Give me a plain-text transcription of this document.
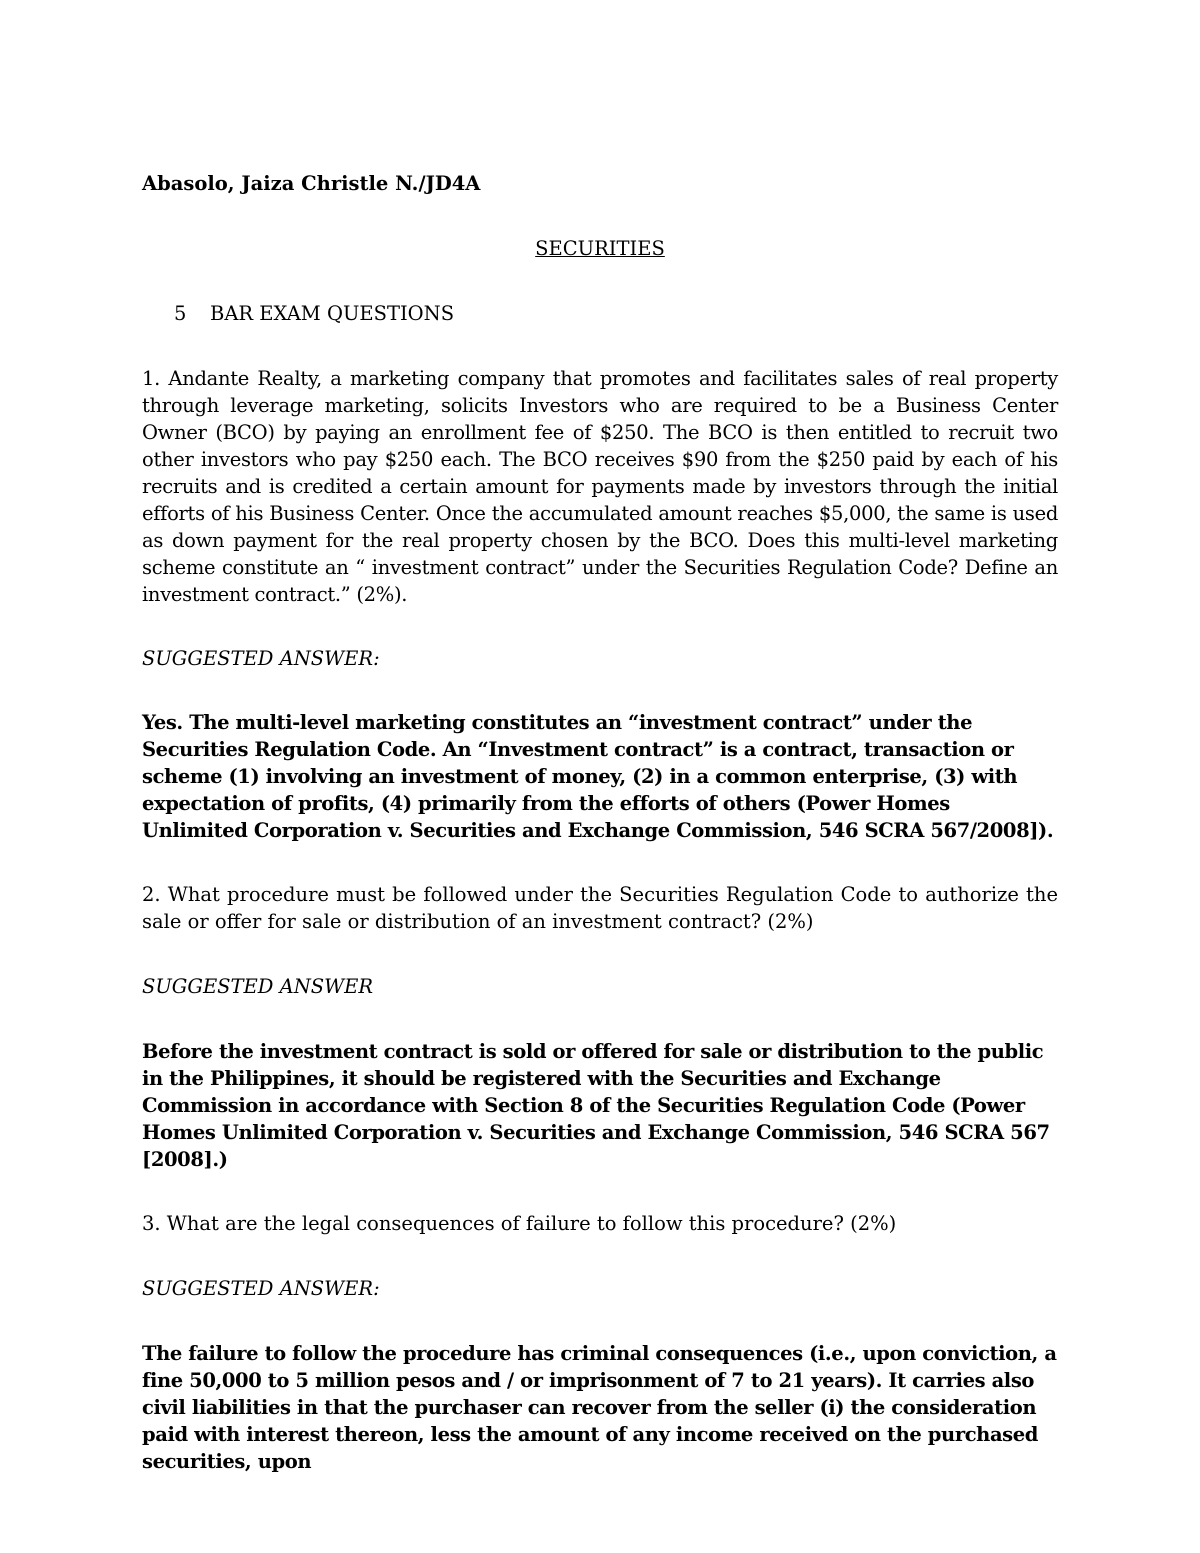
Abasolo, Jaiza Christle N./JD4A

SECURITIES

5 BAR EXAM QUESTIONS

1. Andante Realty, a marketing company that promotes and facilitates sales of real property through leverage marketing, solicits Investors who are required to be a Business Center Owner (BCO) by paying an enrollment fee of $250. The BCO is then entitled to recruit two other investors who pay $250 each. The BCO receives $90 from the $250 paid by each of his recruits and is credited a certain amount for payments made by investors through the initial efforts of his Business Center. Once the accumulated amount reaches $5,000, the same is used as down payment for the real property chosen by the BCO. Does this multi-level marketing scheme constitute an “ investment contract” under the Securities Regulation Code? Define an investment contract.” (2%).

SUGGESTED ANSWER:

Yes. The multi-level marketing constitutes an “investment contract” under the Securities Regulation Code. An “Investment contract” is a contract, transaction or scheme (1) involving an investment of money, (2) in a common enterprise, (3) with expectation of profits, (4) primarily from the efforts of others (Power Homes Unlimited Corporation v. Securities and Exchange Commission, 546 SCRA 567/2008]).

2. What procedure must be followed under the Securities Regulation Code to authorize the sale or offer for sale or distribution of an investment contract? (2%)

SUGGESTED ANSWER

Before the investment contract is sold or offered for sale or distribution to the public in the Philippines, it should be registered with the Securities and Exchange Commission in accordance with Section 8 of the Securities Regulation Code (Power Homes Unlimited Corporation v. Securities and Exchange Commission, 546 SCRA 567 [2008].)

3. What are the legal consequences of failure to follow this procedure? (2%)

SUGGESTED ANSWER:

The failure to follow the procedure has criminal consequences (i.e., upon conviction, a fine 50,000 to 5 million pesos and / or imprisonment of 7 to 21 years). It carries also civil liabilities in that the purchaser can recover from the seller (i) the consideration paid with interest thereon, less the amount of any income received on the purchased securities, upon
